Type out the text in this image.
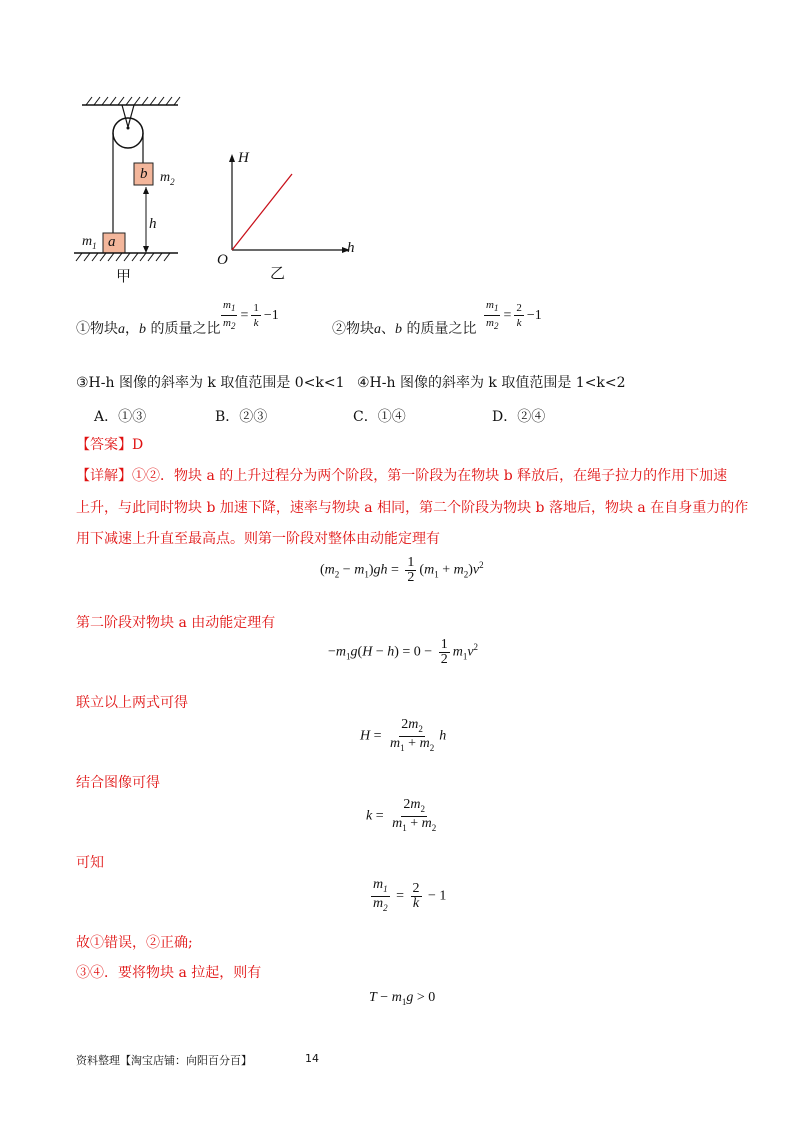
b $m_2$
h
$m_1$ a
甲
H
O
h
乙
①物块a，b 的质量之比 $\frac{m_1}{m_2} = \frac{1}{k} -1$
②物块a、b 的质量之比 $\frac{m_1}{m_2} = \frac{2}{k} -1$
③H-h 图像的斜率为 k 取值范围是 0<k<1 ④H-h 图像的斜率为 k 取值范围是 1<k<2
A．①③	B．②③	C．①④	D．②④
【答案】D
【详解】①②．物块 a 的上升过程分为两个阶段，第一阶段为在物块 b 释放后，在绳子拉力的作用下加速
上升，与此同时物块 b 加速下降，速率与物块 a 相同，第二个阶段为物块 b 落地后，物块 a 在自身重力的作
用下减速上升直至最高点。则第一阶段对整体由动能定理有
$(m_2 - m_1)gh = \frac{1}{2} (m_1 + m_2)v^2$
第二阶段对物块 a 由动能定理有
$-m_1g(H - h) = 0 - \frac{1}{2} m_1v^2$
联立以上两式可得
$H = \frac{2m_2}{m_1 + m_2}$ h
结合图像可得
$k = \frac{2m_2}{m_1 + m_2}$
可知
$\frac{m_1}{m_2} = \frac{2}{k} - 1$
故①错误，②正确;
③④．要将物块 a 拉起，则有
$T - m_1g > 0$
资料整理【淘宝店铺：向阳百分百】	14
